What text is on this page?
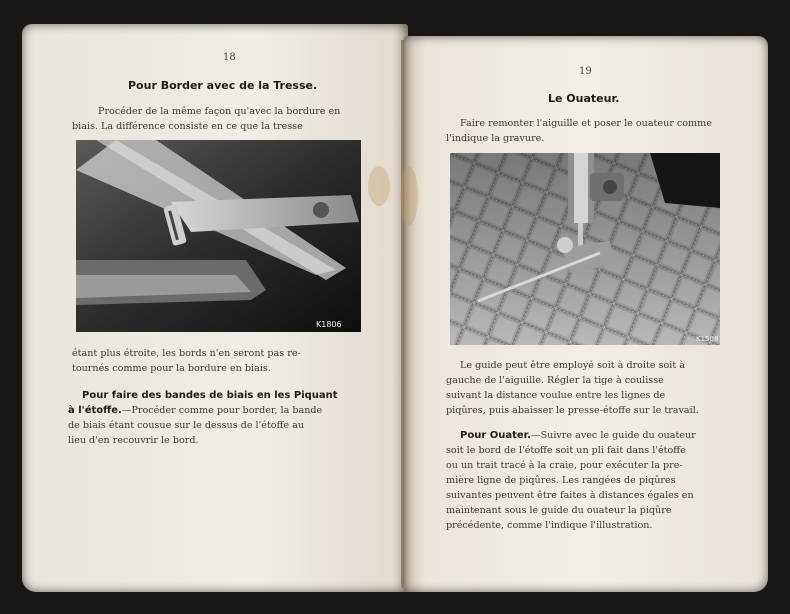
18
Pour Border avec de la Tresse.
Procéder de la même façon qu'avec la bordure en
biais. La différence consiste en ce que la tresse
K1806
étant plus étroite, les bords n'en seront pas re-
tournés comme pour la bordure en biais.
Pour faire des bandes de biais en les Piquant
à l'étoffe.—Procéder comme pour border, la bande
de biais étant cousue sur le dessus de l'étoffe au
lieu d'en recouvrir le bord.
19
Le Ouateur.
Faire remonter l'aiguille et poser le ouateur comme
l'indique la gravure.
K1508
Le guide peut être employé soit à droite soit à
gauche de l'aiguille. Régler la tige à coulisse
suivant la distance voulue entre les lignes de
piqûres, puis abaisser le presse-étoffe sur le travail.
Pour Ouater.—Suivre avec le guide du ouateur
soit le bord de l'étoffe soit un pli fait dans l'étoffe
ou un trait tracé à la craie, pour exécuter la pre-
mière ligne de piqûres. Les rangées de piqûres
suivantes peuvent être faites à distances égales en
maintenant sous le guide du ouateur la piqûre
précédente, comme l'indique l'illustration.
